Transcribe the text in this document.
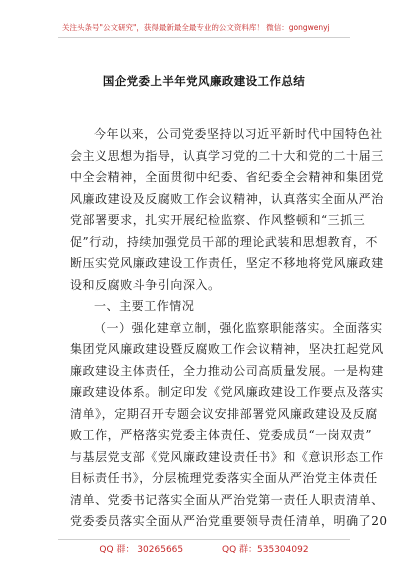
关注头条号"公文研究"，获得最新最全最专业的公文资料库！ 微信：gongwenyj
国企党委上半年党风廉政建设工作总结
今年以来，公司党委坚持以习近平新时代中国特色社
会主义思想为指导，认真学习党的二十大和党的二十届三
中全会精神，全面贯彻中纪委、省纪委全会精神和集团党
风廉政建设及反腐败工作会议精神，认真落实全面从严治
党部署要求，扎实开展纪检监察、作风整顿和“三抓三
促”行动，持续加强党员干部的理论武装和思想教育，不
断压实党风廉政建设工作责任，坚定不移地将党风廉政建
设和反腐败斗争引向深入。
一、主要工作情况
（一）强化建章立制，强化监察职能落实。全面落实
集团党风廉政建设暨反腐败工作会议精神，坚决扛起党风
廉政建设主体责任，全力推动公司高质量发展。一是构建
廉政建设体系。制定印发《党风廉政建设工作要点及落实
清单》，定期召开专题会议安排部署党风廉政建设及反腐
败工作，严格落实党委主体责任、党委成员“一岗双责”
与基层党支部《党风廉政建设责任书》和《意识形态工作
目标责任书》，分层梳理党委落实全面从严治党主体责任
清单、党委书记落实全面从严治党第一责任人职责清单、
党委委员落实全面从严治党重要领导责任清单，明确了20
QQ 群： 30265665	QQ 群：535304092
